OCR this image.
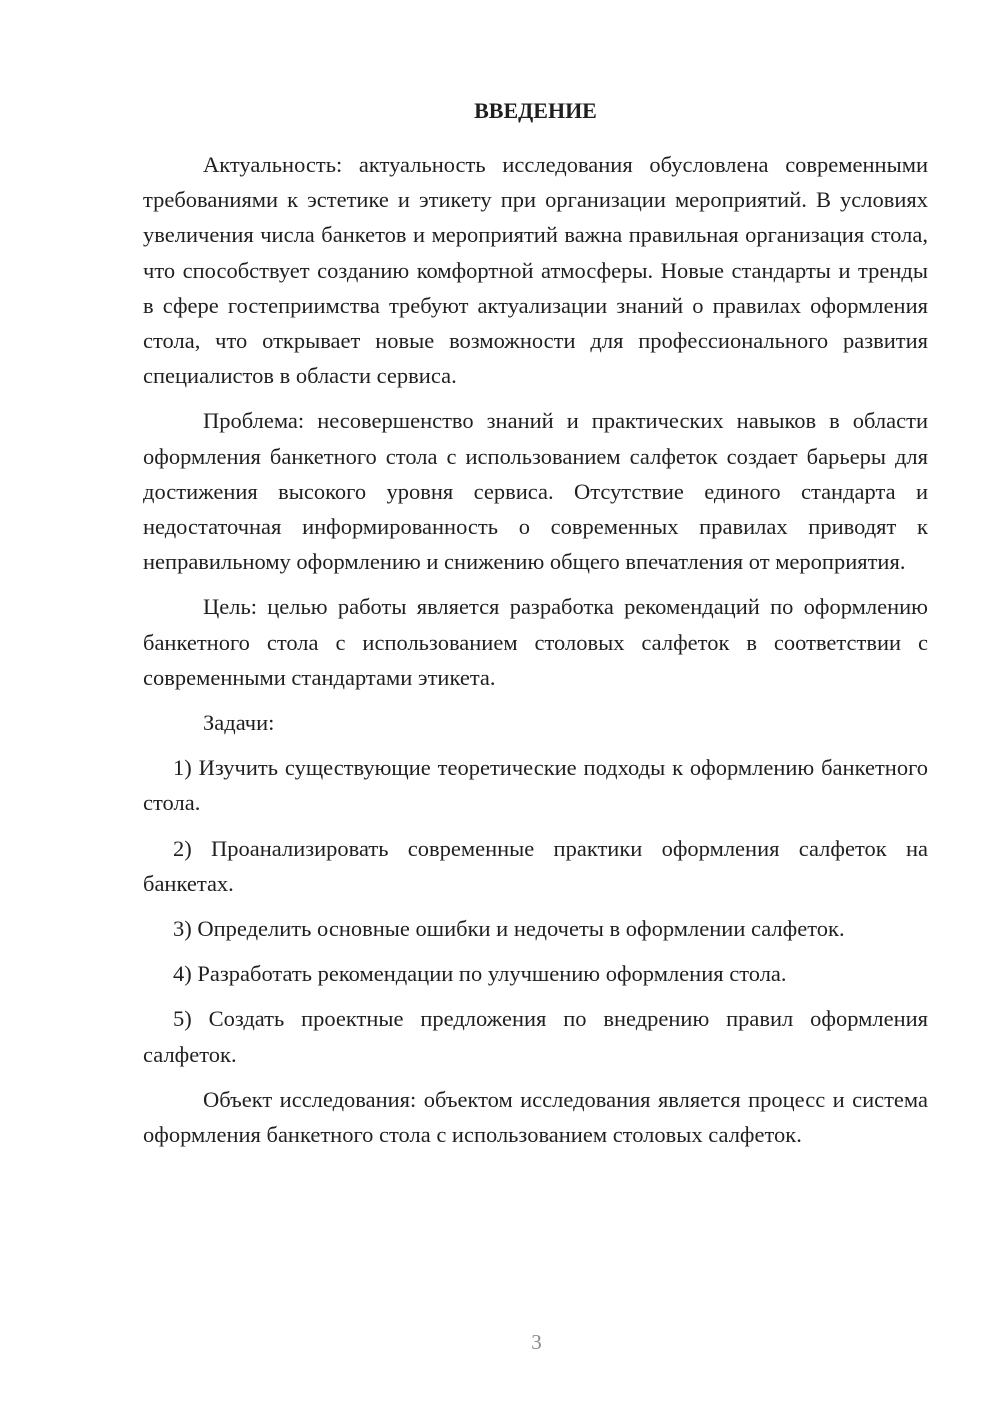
ВВЕДЕНИЕ

Актуальность: актуальность исследования обусловлена современными требованиями к эстетике и этикету при организации мероприятий. В условиях увеличения числа банкетов и мероприятий важна правильная организация стола, что способствует созданию комфортной атмосферы. Новые стандарты и тренды в сфере гостеприимства требуют актуализации знаний о правилах оформления стола, что открывает новые возможности для профессионального развития специалистов в области сервиса.

Проблема: несовершенство знаний и практических навыков в области оформления банкетного стола с использованием салфеток создает барьеры для достижения высокого уровня сервиса. Отсутствие единого стандарта и недостаточная информированность о современных правилах приводят к неправильному оформлению и снижению общего впечатления от мероприятия.

Цель: целью работы является разработка рекомендаций по оформлению банкетного стола с использованием столовых салфеток в соответствии с современными стандартами этикета.

Задачи:

1) Изучить существующие теоретические подходы к оформлению банкетного стола.

2) Проанализировать современные практики оформления салфеток на банкетах.

3) Определить основные ошибки и недочеты в оформлении салфеток.

4) Разработать рекомендации по улучшению оформления стола.

5) Создать проектные предложения по внедрению правил оформления салфеток.

Объект исследования: объектом исследования является процесс и система оформления банкетного стола с использованием столовых салфеток.

3
